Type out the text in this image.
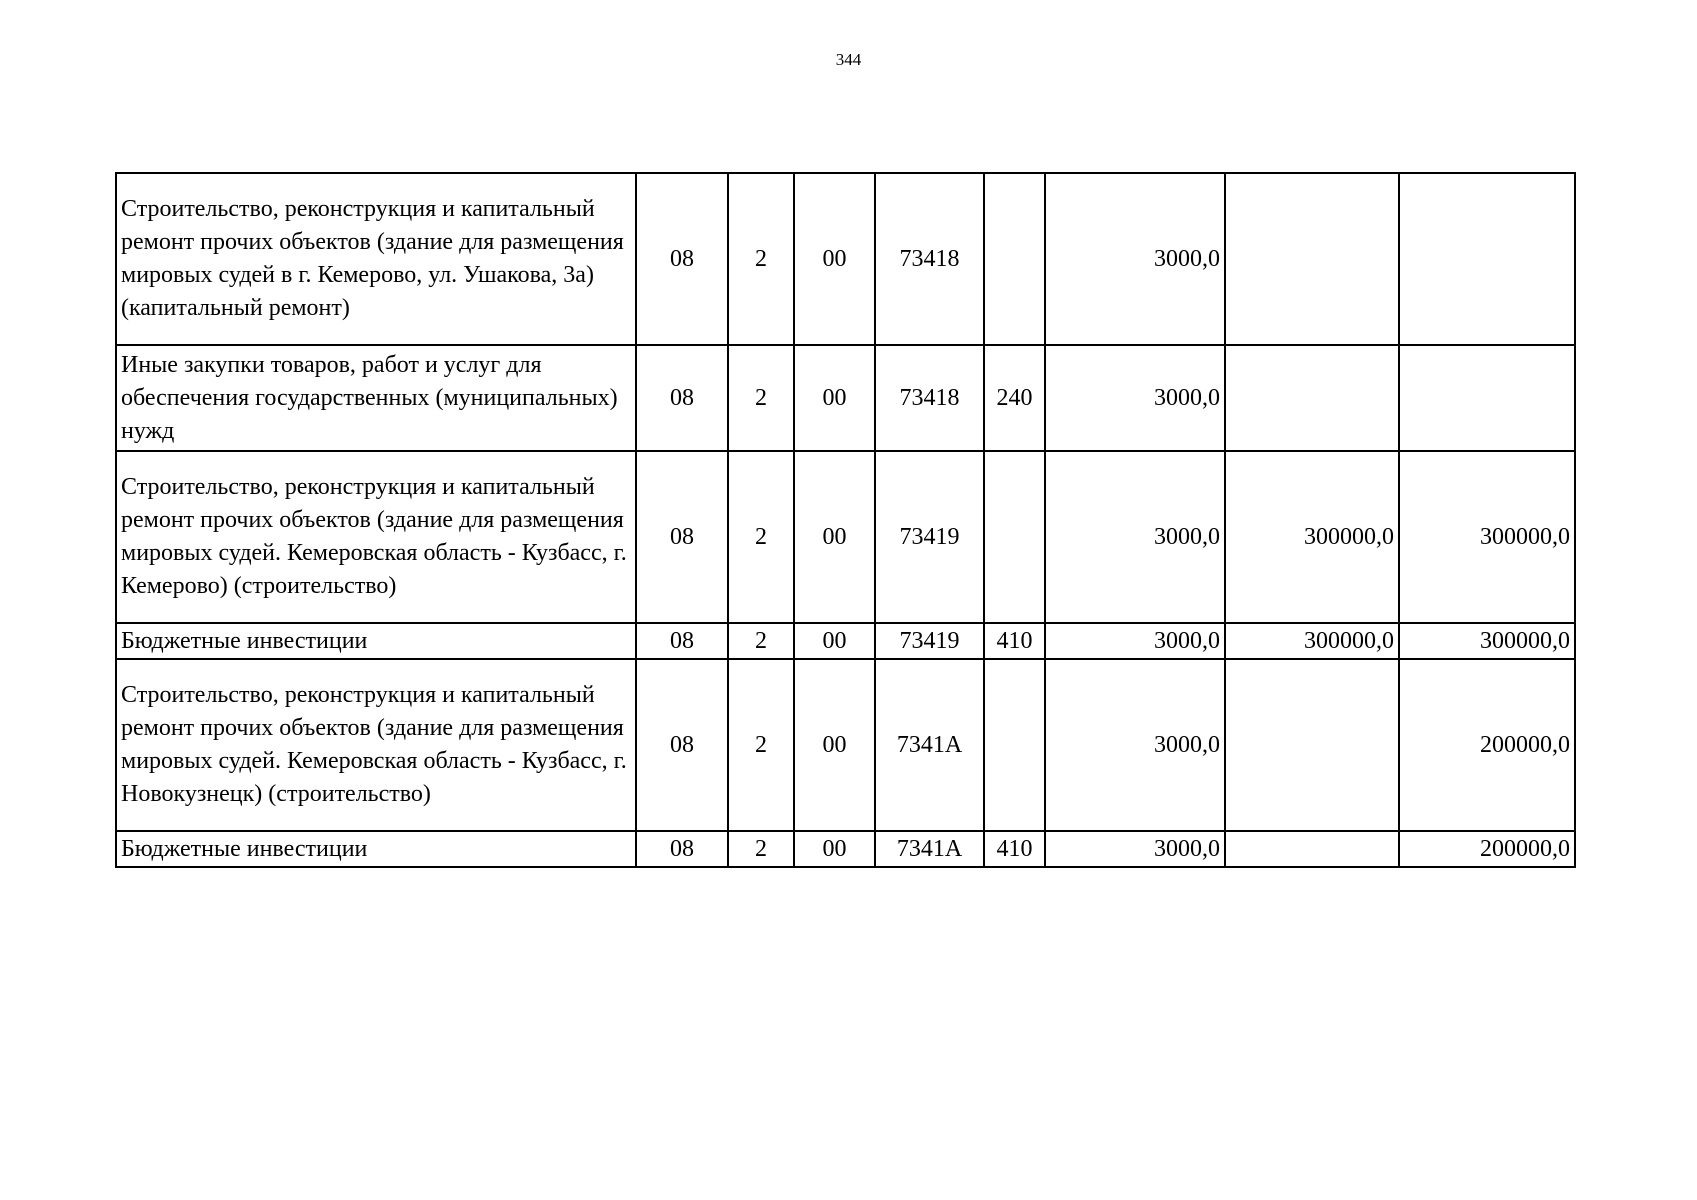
344
Строительство, реконструкция и капитальный ремонт прочих объектов (здание для размещения мировых судей в г. Кемерово, ул. Ушакова, 3а) (капитальный ремонт)	08	2	00	73418		3000,0		
Иные закупки товаров, работ и услуг для обеспечения государственных (муниципальных) нужд	08	2	00	73418	240	3000,0		
Строительство, реконструкция и капитальный ремонт прочих объектов (здание для размещения мировых судей. Кемеровская область - Кузбасс, г. Кемерово) (строительство)	08	2	00	73419		3000,0	300000,0	300000,0
Бюджетные инвестиции	08	2	00	73419	410	3000,0	300000,0	300000,0
Строительство, реконструкция и капитальный ремонт прочих объектов (здание для размещения мировых судей. Кемеровская область - Кузбасс, г. Новокузнецк) (строительство)	08	2	00	7341А		3000,0		200000,0
Бюджетные инвестиции	08	2	00	7341А	410	3000,0		200000,0
